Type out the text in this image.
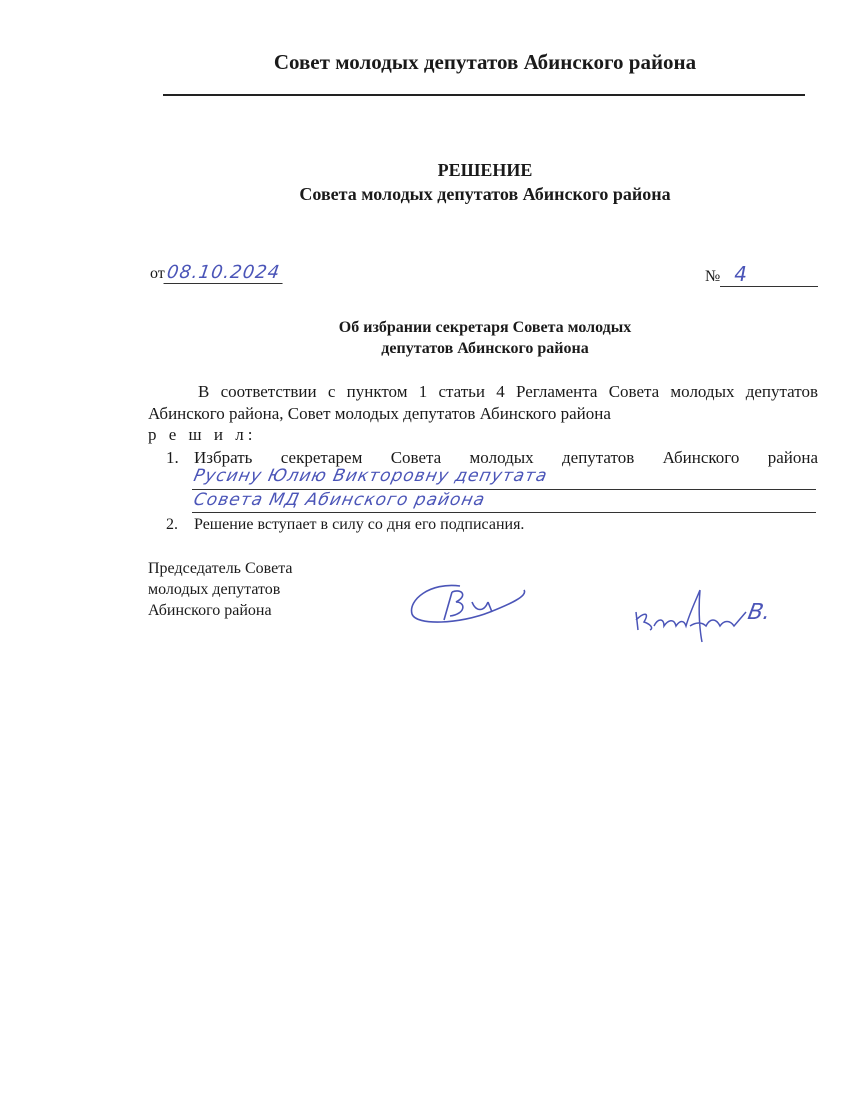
Совет молодых депутатов Абинского района
РЕШЕНИЕ
Совета молодых депутатов Абинского района
от08.10.2024	№ 4
Об избрании секретаря Совета молодых
депутатов Абинского района
В соответствии с пунктом 1 статьи 4 Регламента Совета молодых депутатов Абинского района, Совет молодых депутатов Абинского района
р е ш и л:
1. Избрать секретарем Совета молодых депутатов Абинского района
Русину Юлию Викторовну депутата
Совета МД Абинского района
2. Решение вступает в силу со дня его подписания.
Председатель Совета
молодых депутатов
Абинского района	В.
